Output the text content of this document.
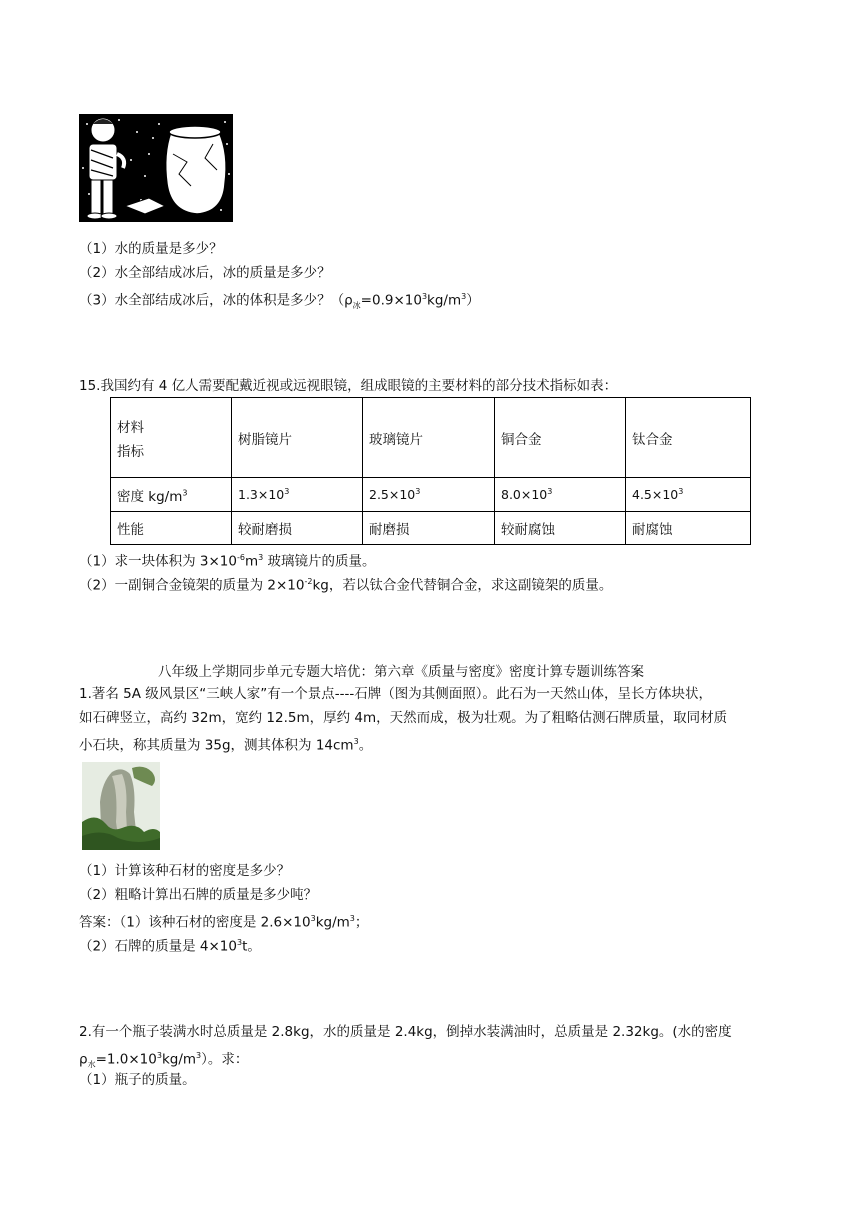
（1）水的质量是多少？
（2）水全部结成冰后，冰的质量是多少？
（3）水全部结成冰后，冰的体积是多少？$(\rho_冰=0.9\times 10^3kg/m^3)$
15.我国约有 4 亿人需要配戴近视或远视眼镜，组成眼镜的主要材料的部分技术指标如表：
材料
指标	树脂镜片	玻璃镜片	铜合金	钛合金
密度 $kg/m^3$	$1.3\times 10^3$	$2.5\times 10^3$	$8.0\times 10^3$	$4.5\times 10^3$
性能	较耐磨损	耐磨损	较耐腐蚀	耐腐蚀
（1）求一块体积为 $3\times 10^{-6}m^3$ 玻璃镜片的质量。
（2）一副铜合金镜架的质量为 $2\times 10^{-2}kg$，若以钛合金代替铜合金，求这副镜架的质量。
八年级上学期同步单元专题大培优：第六章《质量与密度》密度计算专题训练答案
1.著名 5A 级风景区“三峡人家”有一个景点----石牌（图为其侧面照）。此石为一天然山体，呈长方体块状，
如石碑竖立，高约 32m，宽约 12.5m，厚约 4m，天然而成，极为壮观。为了粗略估测石牌质量，取同材质
小石块，称其质量为 35g，测其体积为 $14cm^3$。
（1）计算该种石材的密度是多少？
（2）粗略计算出石牌的质量是多少吨？
答案：（1）该种石材的密度是 $2.6\times 10^3kg/m^3$；
（2）石牌的质量是 $4\times 10^3t$。
2.有一个瓶子装满水时总质量是 2.8kg，水的质量是 2.4kg，倒掉水装满油时，总质量是 2.32kg。(水的密度
$\rho_水=1.0\times 10^3kg/m^3$）。求：
（1）瓶子的质量。
